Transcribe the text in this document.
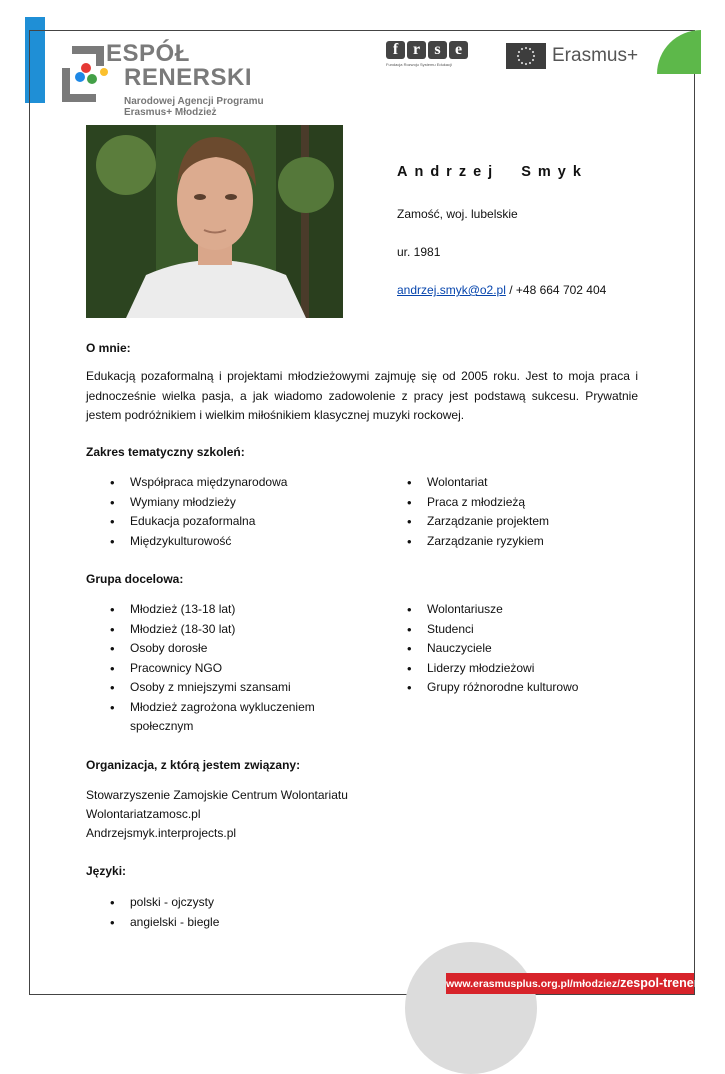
ESPÓŁ
RENERSKI
Narodowej Agencji Programu
Erasmus+ Młodzież
f r s e
Fundacja Rozwoju Systemu Edukacji	Erasmus+
Andrzej  Smyk
Zamość, woj. lubelskie
ur. 1981
andrzej.smyk@o2.pl / +48 664 702 404
O mnie:
Edukacją pozaformalną i projektami młodzieżowymi zajmuję się od 2005 roku. Jest to moja praca i jednocześnie wielka pasja, a jak wiadomo zadowolenie z pracy jest podstawą sukcesu. Prywatnie jestem podróżnikiem i wielkim miłośnikiem klasycznej muzyki rockowej.
Zakres tematyczny szkoleń:
• Współpraca międzynarodowa
• Wymiany młodzieży
• Edukacja pozaformalna
• Międzykulturowość
• Wolontariat
• Praca z młodzieżą
• Zarządzanie projektem
• Zarządzanie ryzykiem
Grupa docelowa:
• Młodzież (13-18 lat)
• Młodzież (18-30 lat)
• Osoby dorosłe
• Pracownicy NGO
• Osoby z mniejszymi szansami
• Młodzież zagrożona wykluczeniem
społecznym
• Wolontariusze
• Studenci
• Nauczyciele
• Liderzy młodzieżowi
• Grupy różnorodne kulturowo
Organizacja, z którą jestem związany:
Stowarzyszenie Zamojskie Centrum Wolontariatu
Wolontariatzamosc.pl
Andrzejsmyk.interprojects.pl
Języki:
• polski - ojczysty
• angielski - biegle
www.erasmusplus.org.pl/młodziez/zespol-trenerski
